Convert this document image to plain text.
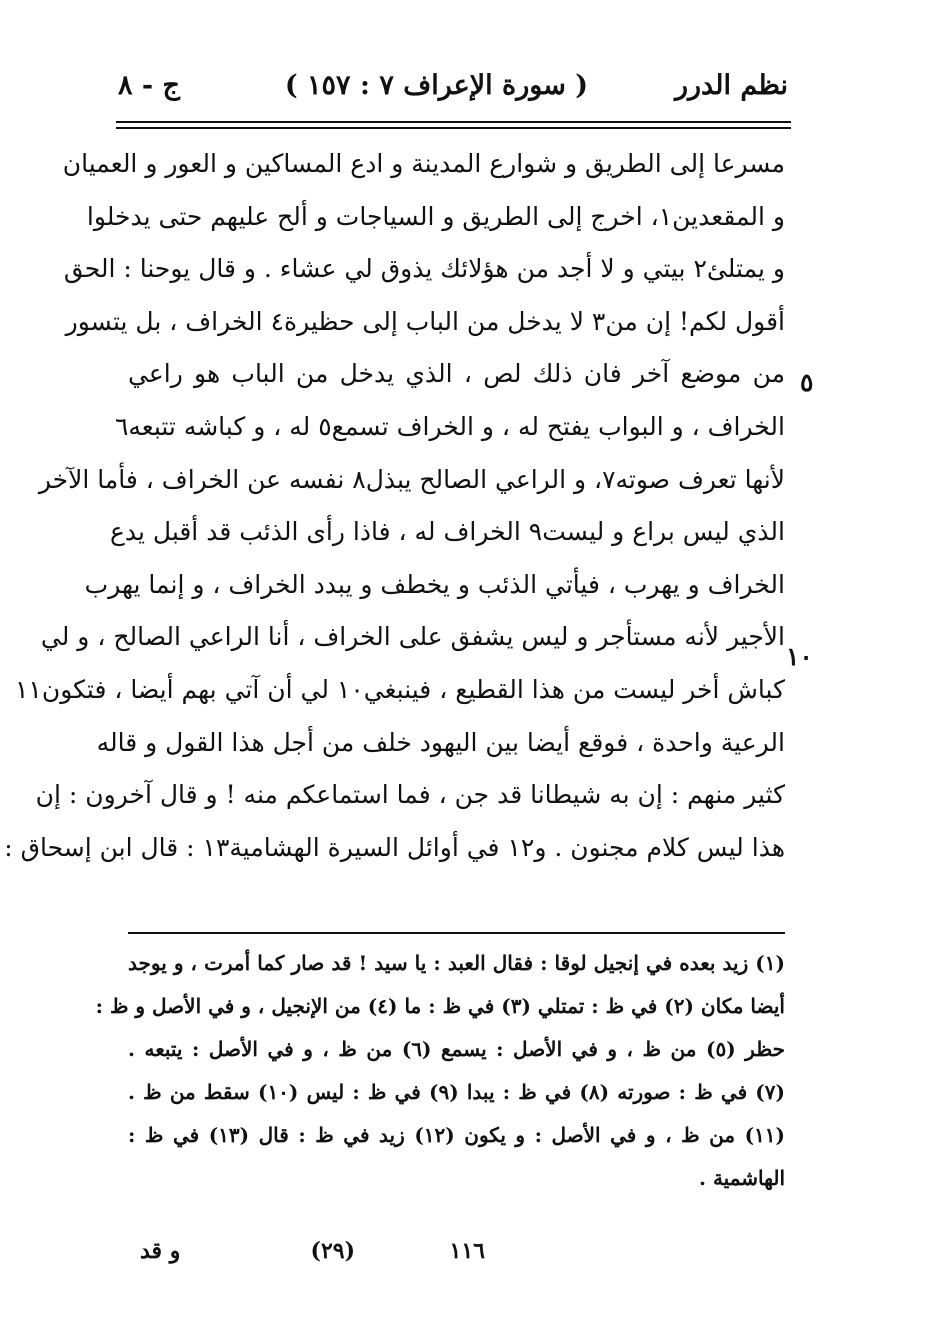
نظم الدرر
( سورة الإعراف ٧ : ١٥٧ )
ج - ٨
مسرعا إلى الطريق و شوارع المدينة و ادع المساكين و العور و العميان
و المقعدين١، اخرج إلى الطريق و السياجات و ألح عليهم حتى يدخلوا
و يمتلئ٢ بيتي و لا أجد من هؤلائك يذوق لي عشاء . و قال يوحنا : الحق
أقول لكم! إن من٣ لا يدخل من الباب إلى حظيرة٤ الخراف ، بل يتسور
من موضع آخر فان ذلك لص ، الذي يدخل من الباب هو راعي
الخراف ، و البواب يفتح له ، و الخراف تسمع٥ له ، و كباشه تتبعه٦
لأنها تعرف صوته٧، و الراعي الصالح يبذل٨ نفسه عن الخراف ، فأما الآخر
الذي ليس براع و ليست٩ الخراف له ، فاذا رأى الذئب قد أقبل يدع
الخراف و يهرب ، فيأتي الذئب و يخطف و يبدد الخراف ، و إنما يهرب
الأجير لأنه مستأجر و ليس يشفق على الخراف ، أنا الراعي الصالح ، و لي
كباش أخر ليست من هذا القطيع ، فينبغي١٠ لي أن آتي بهم أيضا ، فتكون١١
الرعية واحدة ، فوقع أيضا بين اليهود خلف من أجل هذا القول و قاله
كثير منهم : إن به شيطانا قد جن ، فما استماعكم منه ! و قال آخرون : إن
هذا ليس كلام مجنون . و١٢ في أوائل السيرة الهشامية١٣ : قال ابن إسحاق :
٥
١٠
(١) زيد بعده في إنجيل لوقا : فقال العبد : يا سيد ! قد صار كما أمرت ، و يوجد
أيضا مكان (٢) في ظ : تمتلي (٣) في ظ : ما (٤) من الإنجيل ، و في الأصل و ظ :
حظر (٥) من ظ ، و في الأصل : يسمع (٦) من ظ ، و في الأصل : يتبعه .
(٧) في ظ : صورته (٨) في ظ : يبدا (٩) في ظ : ليس (١٠) سقط من ظ .
(١١) من ظ ، و في الأصل : و يكون (١٢) زيد في ظ : قال (١٣) في ظ :
الهاشمية .
١١٦
(٢٩)
و قد
